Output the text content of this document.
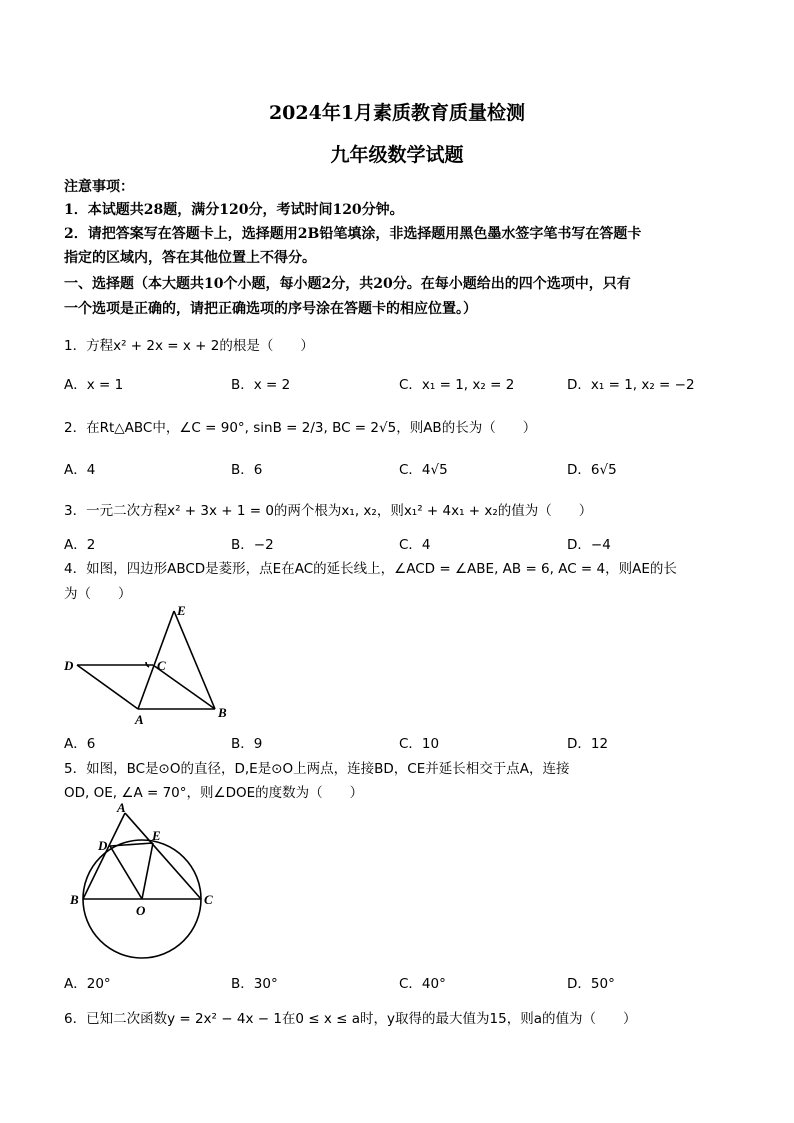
2024年1月素质教育质量检测
九年级数学试题
注意事项：
1．本试题共28题，满分120分，考试时间120分钟。
2．请把答案写在答题卡上，选择题用2B铅笔填涂，非选择题用黑色墨水签字笔书写在答题卡
指定的区域内，答在其他位置上不得分。
一、选择题（本大题共10个小题，每小题2分，共20分。在每小题给出的四个选项中，只有
一个选项是正确的，请把正确选项的序号涂在答题卡的相应位置。）
1．方程x² + 2x = x + 2的根是（　　）
A．x = 1	B．x = 2	C．x₁ = 1, x₂ = 2	D．x₁ = 1, x₂ = −2
2．在Rt△ABC中，∠C = 90°, sinB = 2/3, BC = 2√5，则AB的长为（　　）
A．4	B．6	C．4√5	D．6√5
3．一元二次方程x² + 3x + 1 = 0的两个根为x₁, x₂，则x₁² + 4x₁ + x₂的值为（　　）
A．2	B．−2	C．4	D．−4
4．如图，四边形ABCD是菱形，点E在AC的延长线上，∠ACD = ∠ABE, AB = 6, AC = 4，则AE的长
为（　　）
D	C
E
A	B
A．6	B．9	C．10	D．12
5．如图，BC是⊙O的直径，D,E是⊙O上两点，连接BD，CE并延长相交于点A，连接
OD, OE, ∠A = 70°，则∠DOE的度数为（　　）
A
D
E
B
O
C
A．20°	B．30°	C．40°	D．50°
6．已知二次函数y = 2x² − 4x − 1在0 ≤ x ≤ a时，y取得的最大值为15，则a的值为（　　）
